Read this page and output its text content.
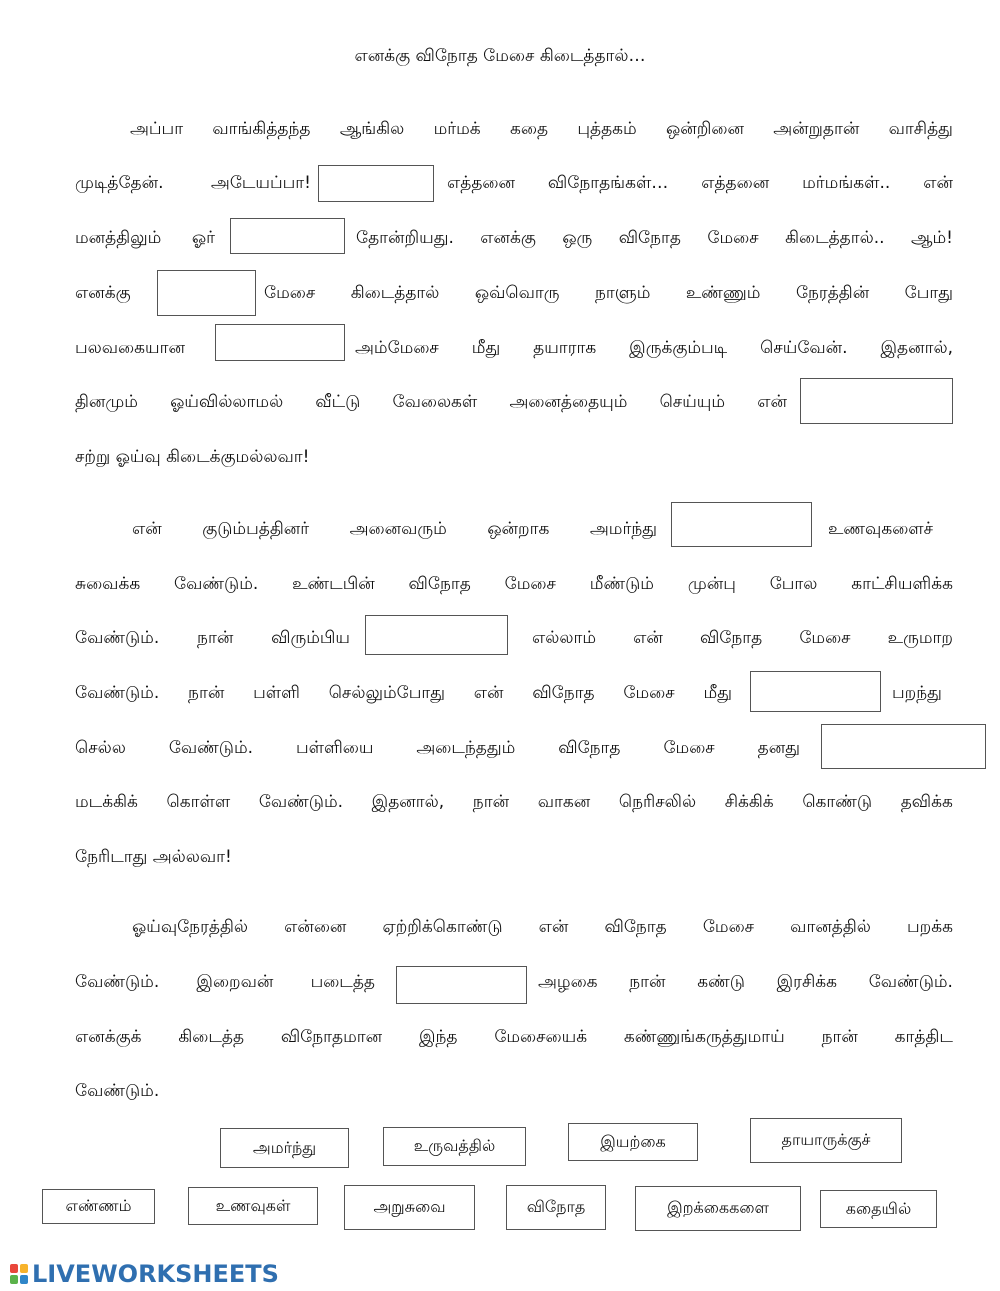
எனக்கு விநோத மேசை கிடைத்தால்…
அப்பா வாங்கித்தந்த ஆங்கில மர்மக் கதை புத்தகம் ஒன்றினை அன்றுதான் வாசித்து
முடித்தேன்.	அடேயப்பா!	எத்தனை விநோதங்கள்… எத்தனை மர்மங்கள்.. என்
மனத்திலும் ஓர்	தோன்றியது. எனக்கு ஒரு விநோத மேசை கிடைத்தால்.. ஆம்!
எனக்கு	மேசை கிடைத்தால் ஒவ்வொரு நாளும் உண்ணும் நேரத்தின் போது
பலவகையான	அம்மேசை மீது தயாராக இருக்கும்படி செய்வேன். இதனால்,
தினமும் ஓய்வில்லாமல் வீட்டு வேலைகள் அனைத்தையும் செய்யும் என்
சற்று ஓய்வு கிடைக்குமல்லவா!
என் குடும்பத்தினர் அனைவரும் ஒன்றாக அமர்ந்து	உணவுகளைச்
சுவைக்க வேண்டும். உண்டபின் விநோத மேசை மீண்டும் முன்பு போல காட்சியளிக்க
வேண்டும். நான் விரும்பிய	எல்லாம் என் விநோத மேசை உருமாற
வேண்டும். நான் பள்ளி செல்லும்போது என் விநோத மேசை மீது	பறந்து
செல்ல	வேண்டும்.	பள்ளியை	அடைந்ததும்	விநோத	மேசை	தனது
மடக்கிக் கொள்ள வேண்டும். இதனால், நான் வாகன நெரிசலில் சிக்கிக் கொண்டு தவிக்க
நேரிடாது அல்லவா!
ஓய்வுநேரத்தில் என்னை ஏற்றிக்கொண்டு என் விநோத மேசை வானத்தில் பறக்க
வேண்டும். இறைவன் படைத்த	அழகை நான் கண்டு இரசிக்க வேண்டும்.
எனக்குக் கிடைத்த விநோதமான இந்த மேசையைக் கண்ணுங்கருத்துமாய் நான் காத்திட
வேண்டும்.
அமர்ந்து	உருவத்தில்	இயற்கை	தாயாருக்குச்
எண்ணம்	உணவுகள்	அறுசுவை	விநோத	இறக்கைகளை	கதையில்
LIVEWORKSHEETS
